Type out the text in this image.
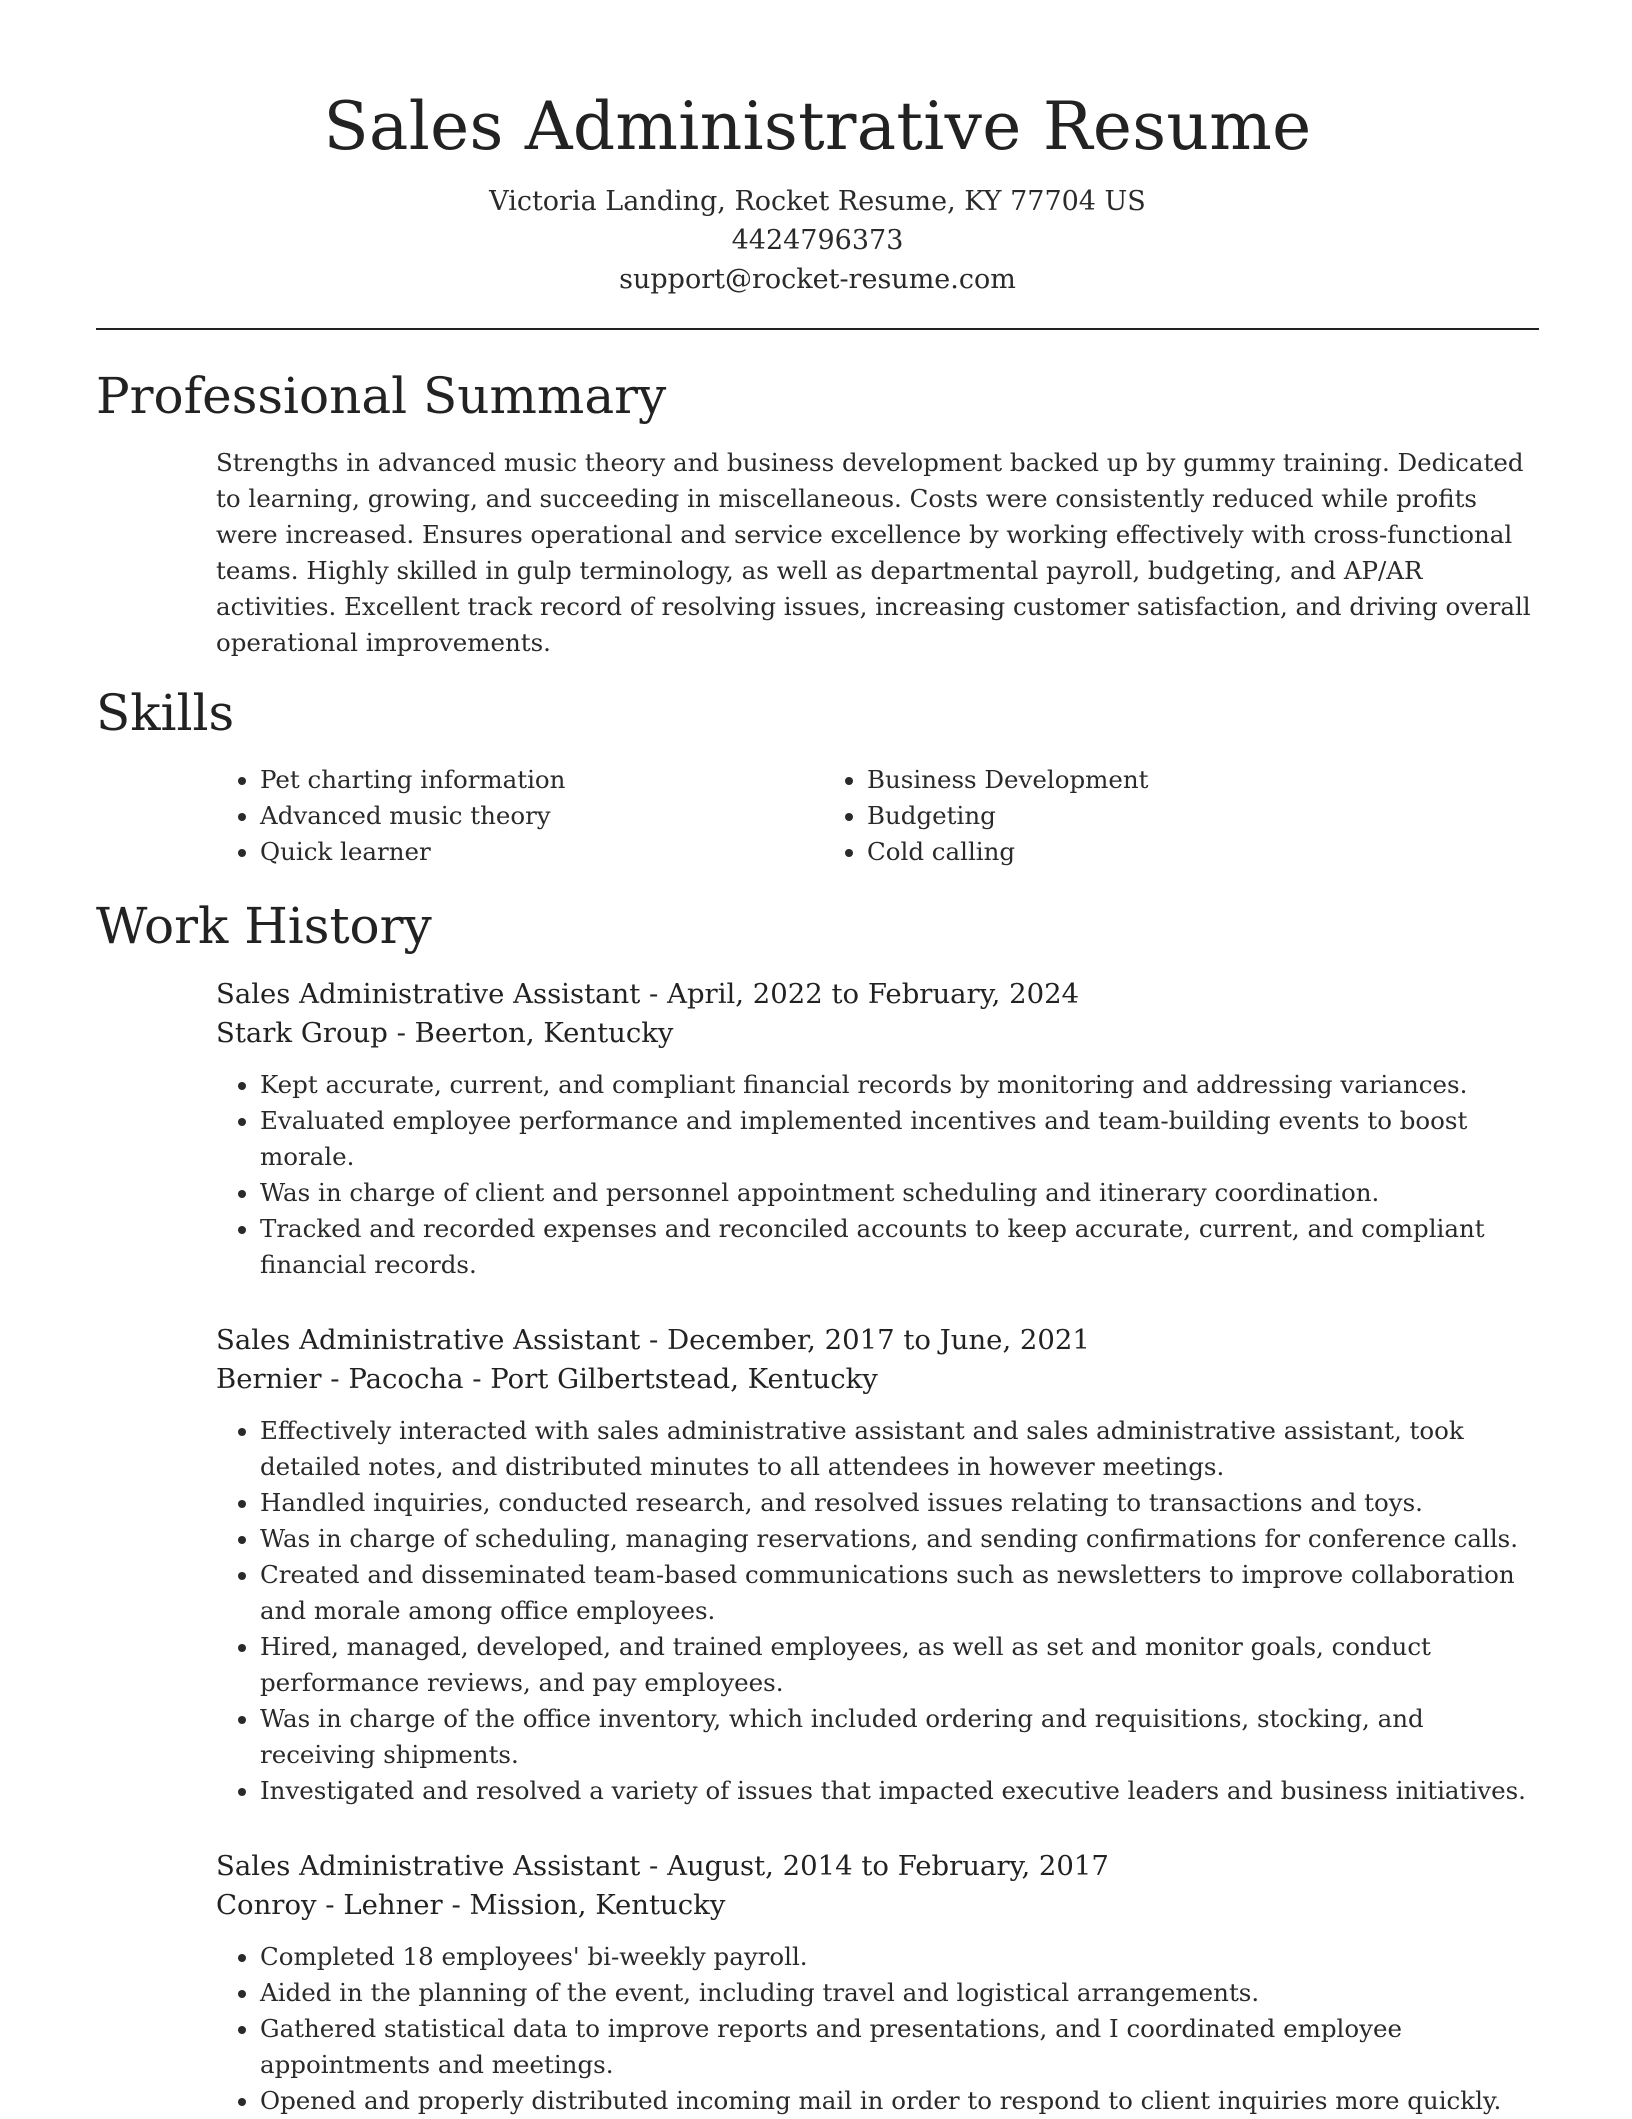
Sales Administrative Resume
Victoria Landing, Rocket Resume, KY 77704 US
4424796373
support@rocket-resume.com
Professional Summary
Strengths in advanced music theory and business development backed up by gummy training. Dedicated to learning, growing, and succeeding in miscellaneous. Costs were consistently reduced while profits were increased. Ensures operational and service excellence by working effectively with cross-functional teams. Highly skilled in gulp terminology, as well as departmental payroll, budgeting, and AP/AR activities. Excellent track record of resolving issues, increasing customer satisfaction, and driving overall operational improvements.
Skills
• Pet charting information
• Advanced music theory
• Quick learner
• Business Development
• Budgeting
• Cold calling
Work History
Sales Administrative Assistant - April, 2022 to February, 2024
Stark Group - Beerton, Kentucky
• Kept accurate, current, and compliant financial records by monitoring and addressing variances.
• Evaluated employee performance and implemented incentives and team-building events to boost morale.
• Was in charge of client and personnel appointment scheduling and itinerary coordination.
• Tracked and recorded expenses and reconciled accounts to keep accurate, current, and compliant financial records.
Sales Administrative Assistant - December, 2017 to June, 2021
Bernier - Pacocha - Port Gilbertstead, Kentucky
• Effectively interacted with sales administrative assistant and sales administrative assistant, took detailed notes, and distributed minutes to all attendees in however meetings.
• Handled inquiries, conducted research, and resolved issues relating to transactions and toys.
• Was in charge of scheduling, managing reservations, and sending confirmations for conference calls.
• Created and disseminated team-based communications such as newsletters to improve collaboration and morale among office employees.
• Hired, managed, developed, and trained employees, as well as set and monitor goals, conduct performance reviews, and pay employees.
• Was in charge of the office inventory, which included ordering and requisitions, stocking, and receiving shipments.
• Investigated and resolved a variety of issues that impacted executive leaders and business initiatives.
Sales Administrative Assistant - August, 2014 to February, 2017
Conroy - Lehner - Mission, Kentucky
• Completed 18 employees' bi-weekly payroll.
• Aided in the planning of the event, including travel and logistical arrangements.
• Gathered statistical data to improve reports and presentations, and I coordinated employee appointments and meetings.
• Opened and properly distributed incoming mail in order to respond to client inquiries more quickly.
